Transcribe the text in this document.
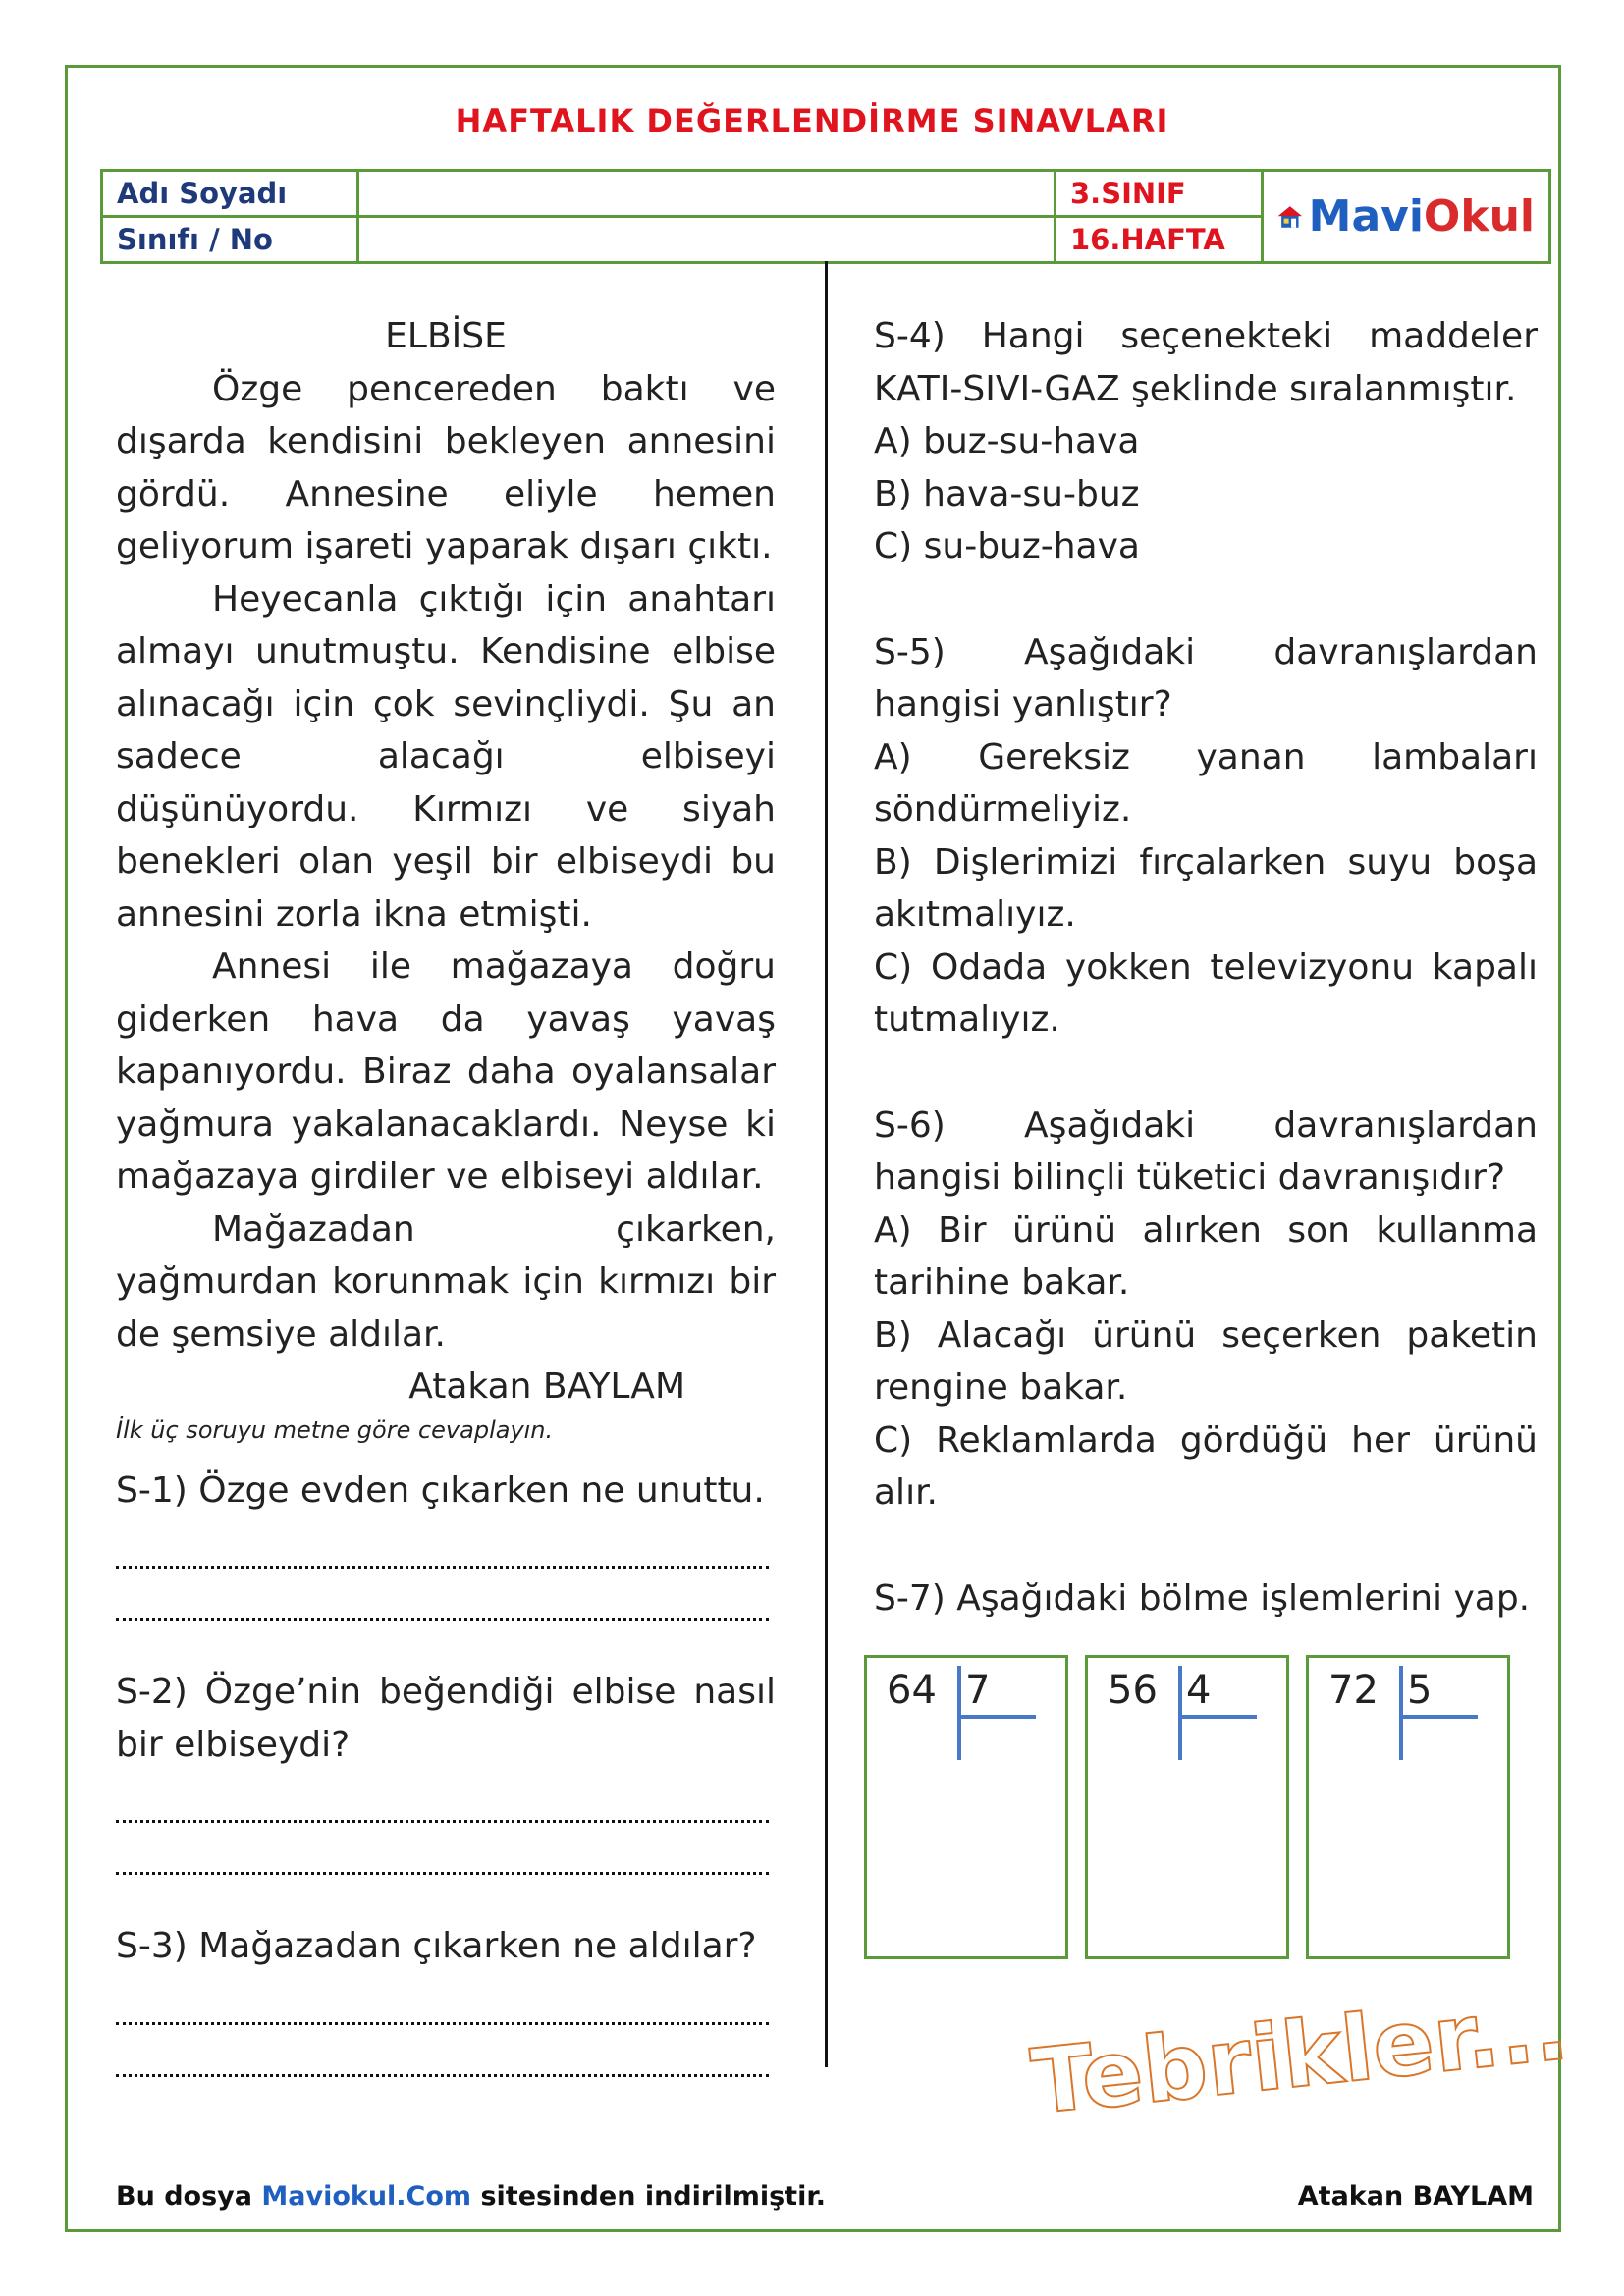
HAFTALIK DEĞERLENDİRME SINAVLARI
Adı Soyadı		3.SINIF	MaviOkul

Sınıfı / No		16.HAFTA	
ELBİSE

Özge pencereden baktı ve dışarda kendisini bekleyen annesini gördü. Annesine eliyle hemen geliyorum işareti yaparak dışarı çıktı.

Heyecanla çıktığı için anahtarı almayı unutmuştu. Kendisine elbise alınacağı için çok sevinçliydi. Şu an sadece alacağı elbiseyi düşünüyordu. Kırmızı ve siyah benekleri olan yeşil bir elbiseydi bu annesini zorla ikna etmişti.

Annesi ile mağazaya doğru giderken hava da yavaş yavaş kapanıyordu. Biraz daha oyalansalar yağmura yakalanacaklardı. Neyse ki mağazaya girdiler ve elbiseyi aldılar.

Mağazadan çıkarken, yağmurdan korunmak için kırmızı bir de şemsiye aldılar.

Atakan BAYLAM
İlk üç soruyu metne göre cevaplayın.

S-1) Özge evden çıkarken ne unuttu.

S-2) Özge’nin beğendiği elbise nasıl bir elbiseydi?

S-3) Mağazadan çıkarken ne aldılar?

S-4) Hangi seçenekteki maddeler KATI-SIVI-GAZ şeklinde sıralanmıştır.

A) buz-su-hava

B) hava-su-buz

C) su-buz-hava

S-5) Aşağıdaki davranışlardan hangisi yanlıştır?

A) Gereksiz yanan lambaları söndürmeliyiz.

B) Dişlerimizi fırçalarken suyu boşa akıtmalıyız.

C) Odada yokken televizyonu kapalı tutmalıyız.

S-6) Aşağıdaki davranışlardan hangisi bilinçli tüketici davranışıdır?

A) Bir ürünü alırken son kullanma tarihine bakar.

B) Alacağı ürünü seçerken paketin rengine bakar.

C) Reklamlarda gördüğü her ürünü alır.

S-7) Aşağıdaki bölme işlemlerini yap.

64 7	56 4	72 5
Tebrikler...
Bu dosya Maviokul.Com sitesinden indirilmiştir.	Atakan BAYLAM
